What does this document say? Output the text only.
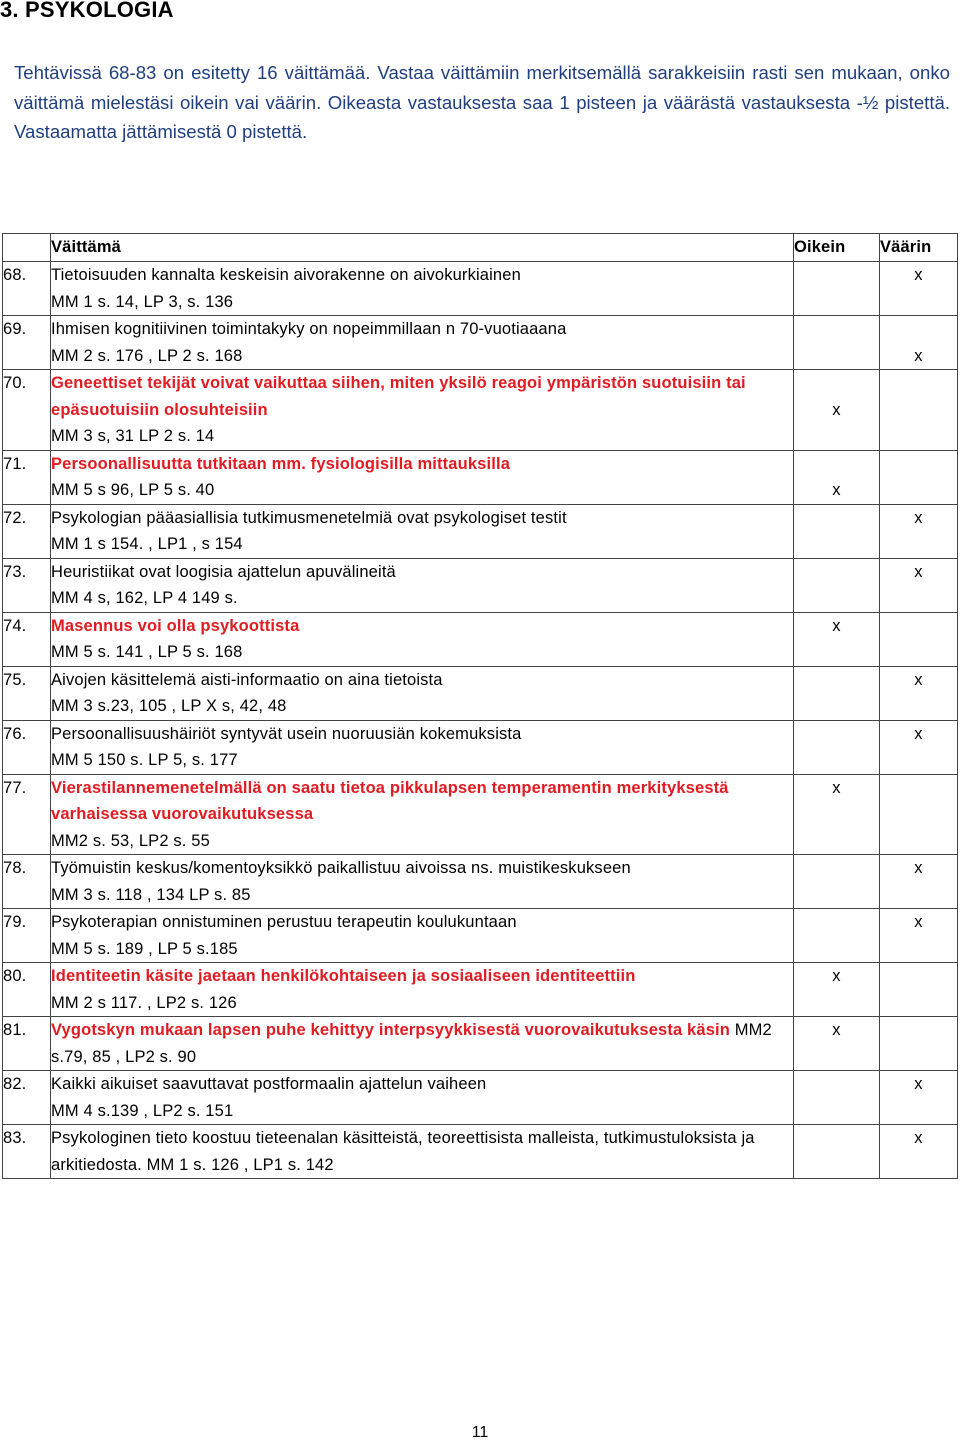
3. PSYKOLOGIA
Tehtävissä 68-83 on esitetty 16 väittämää. Vastaa väittämiin merkitsemällä sarakkeisiin rasti sen mukaan, onko väittämä mielestäsi oikein vai väärin. Oikeasta vastauksesta saa 1 pisteen ja väärästä vastauksesta -½ pistettä. Vastaamatta jättämisestä 0 pistettä.
	Väittämä	Oikein	Väärin
68.	Tietoisuuden kannalta keskeisin aivorakenne on aivokurkiainen
MM 1 s. 14, LP 3, s. 136		x
69.	Ihmisen kognitiivinen toimintakyky on nopeimmillaan n 70-vuotiaaana
MM 2 s. 176 , LP 2 s. 168		x
70.	Geneettiset tekijät voivat vaikuttaa siihen, miten yksilö reagoi ympäristön suotuisiin tai epäsuotuisiin olosuhteisiin
MM 3 s, 31 LP 2 s. 14	x	

71.	Persoonallisuutta tutkitaan mm. fysiologisilla mittauksilla
MM 5 s 96, LP 5 s. 40	x	

72.	Psykologian pääasiallisia tutkimusmenetelmiä ovat psykologiset testit
MM 1 s 154. , LP1 , s 154		x
73.	Heuristiikat ovat loogisia ajattelun apuvälineitä
MM 4 s, 162, LP 4 149 s.		x
74.	Masennus voi olla psykoottista
MM 5 s. 141 , LP 5 s. 168	x	
75.	Aivojen käsittelemä aisti-informaatio on aina tietoista
MM 3 s.23, 105 , LP X s, 42, 48		x
76.	Persoonallisuushäiriöt syntyvät usein nuoruusiän kokemuksista
MM 5 150 s. LP 5, s. 177		x
77.	Vierastilannemenetelmällä on saatu tietoa pikkulapsen temperamentin merkityksestä varhaisessa vuorovaikutuksessa
MM2 s. 53, LP2 s. 55	x	
78.	Työmuistin keskus/komentoyksikkö paikallistuu aivoissa ns. muistikeskukseen
MM 3 s. 118 , 134 LP s. 85		x
79.	Psykoterapian onnistuminen perustuu terapeutin koulukuntaan
MM 5 s. 189 , LP 5 s.185		x
80.	Identiteetin käsite jaetaan henkilökohtaiseen ja sosiaaliseen identiteettiin
MM 2 s 117. , LP2 s. 126	x	
81.	Vygotskyn mukaan lapsen puhe kehittyy interpsyykkisestä vuorovaikutuksesta käsin MM2 s.79, 85 , LP2 s. 90	x	
82.	Kaikki aikuiset saavuttavat postformaalin ajattelun vaiheen
MM 4 s.139 , LP2 s. 151		x
83.	Psykologinen tieto koostuu tieteenalan käsitteistä, teoreettisista malleista, tutkimustuloksista ja arkitiedosta. MM 1 s. 126 , LP1 s. 142		x
11
